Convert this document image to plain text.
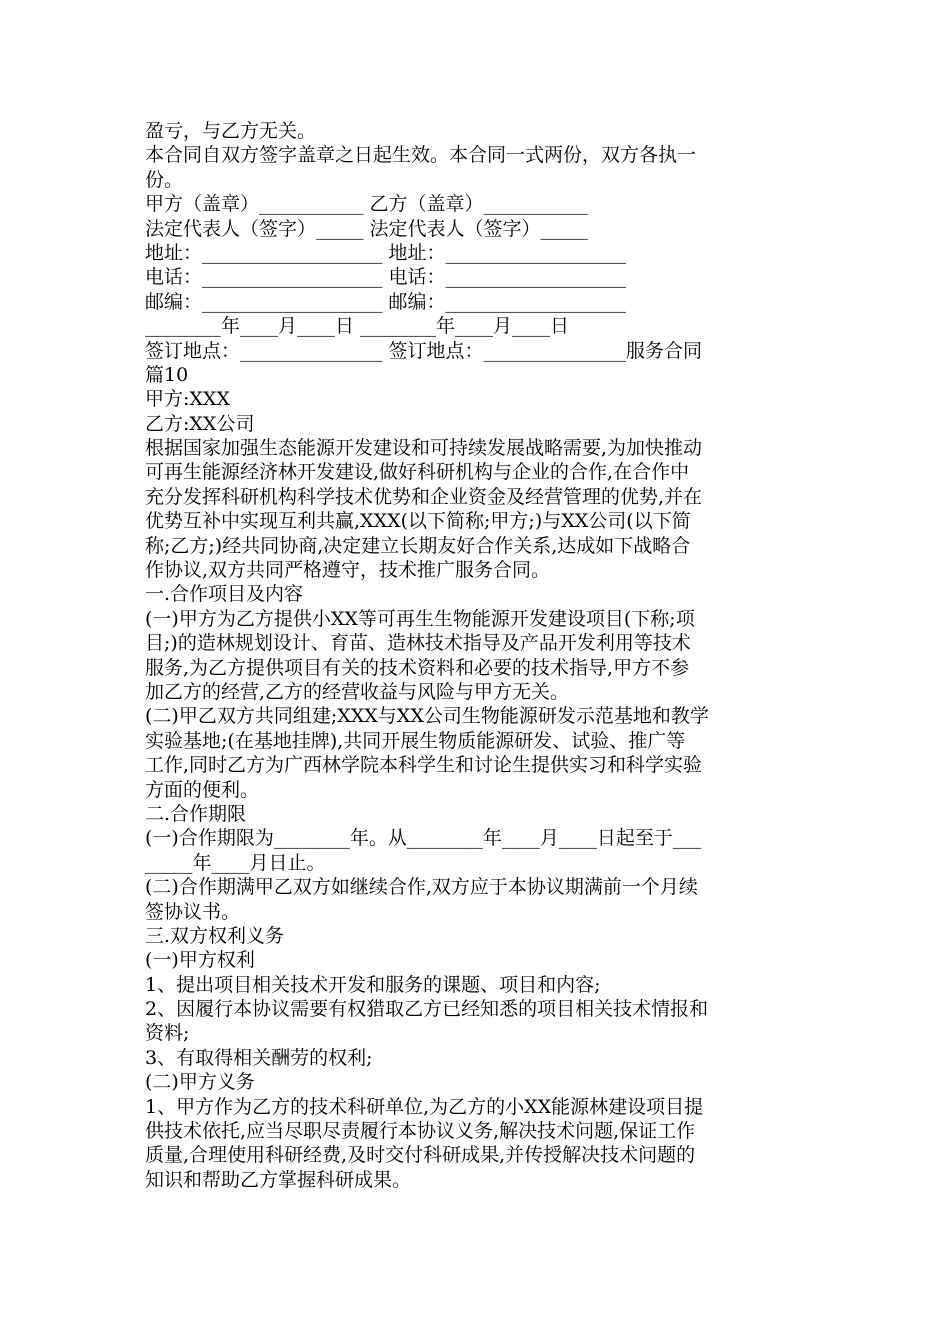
盈亏，与乙方无关。
本合同自双方签字盖章之日起生效。本合同一式两份，双方各执一
份。
甲方（盖章）___________ 乙方（盖章）___________
法定代表人（签字）_____ 法定代表人（签字）_____
地址：___________________ 地址：___________________
电话：___________________ 电话：___________________
邮编：___________________ 邮编：___________________
________年____月____日 ________年____月____日
签订地点：_______________ 签订地点：_______________服务合同
篇10
甲方:XXX
乙方:XX公司
根据国家加强生态能源开发建设和可持续发展战略需要,为加快推动
可再生能源经济林开发建设,做好科研机构与企业的合作,在合作中
充分发挥科研机构科学技术优势和企业资金及经营管理的优势,并在
优势互补中实现互利共赢,XXX(以下简称;甲方;)与XX公司(以下简
称;乙方;)经共同协商,决定建立长期友好合作关系,达成如下战略合
作协议,双方共同严格遵守，技术推广服务合同。
一.合作项目及内容
(一)甲方为乙方提供小XX等可再生生物能源开发建设项目(下称;项
目;)的造林规划设计、育苗、造林技术指导及产品开发利用等技术
服务,为乙方提供项目有关的技术资料和必要的技术指导,甲方不参
加乙方的经营,乙方的经营收益与风险与甲方无关。
(二)甲乙双方共同组建;XXX与XX公司生物能源研发示范基地和教学
实验基地;(在基地挂牌),共同开展生物质能源研发、试验、推广等
工作,同时乙方为广西林学院本科学生和讨论生提供实习和科学实验
方面的便利。
二.合作期限
(一)合作期限为________年。从________年____月____日起至于___
_____年____月日止。
(二)合作期满甲乙双方如继续合作,双方应于本协议期满前一个月续
签协议书。
三.双方权利义务
(一)甲方权利
1、提出项目相关技术开发和服务的课题、项目和内容;
2、因履行本协议需要有权猎取乙方已经知悉的项目相关技术情报和
资料;
3、有取得相关酬劳的权利;
(二)甲方义务
1、甲方作为乙方的技术科研单位,为乙方的小XX能源林建设项目提
供技术依托,应当尽职尽责履行本协议义务,解决技术问题,保证工作
质量,合理使用科研经费,及时交付科研成果,并传授解决技术问题的
知识和帮助乙方掌握科研成果。
